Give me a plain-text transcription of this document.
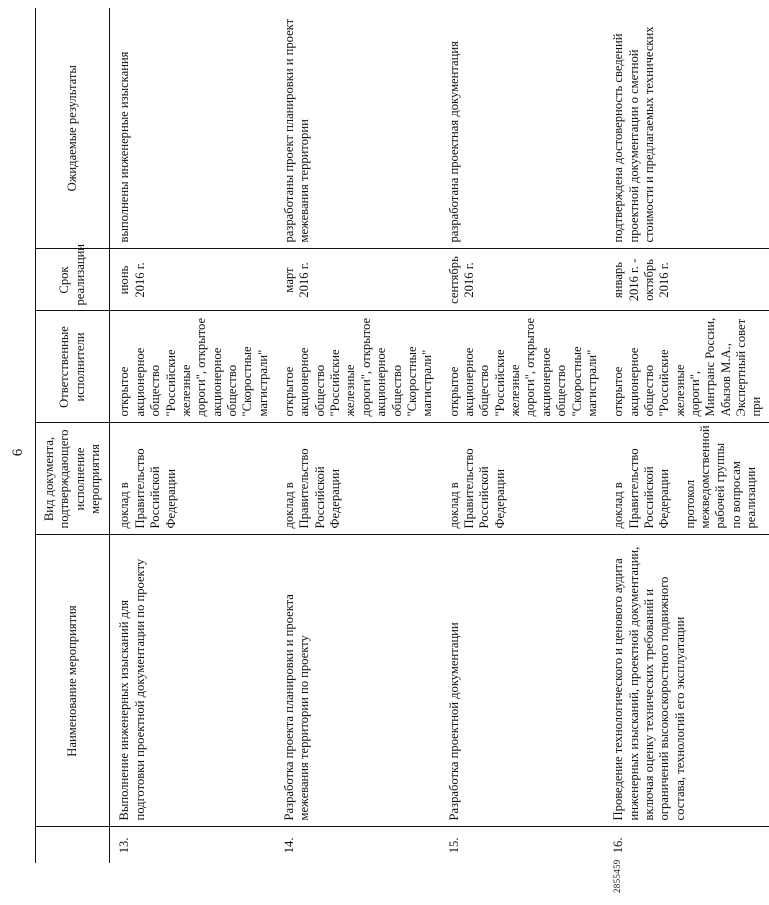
6
	Наименование мероприятия	Вид документа, подтверждающего исполнение мероприятия	Ответственные исполнители	Срок реализации	Ожидаемые результаты
13.	Выполнение инженерных изысканий для подготовки проектной документации по проекту	доклад в Правительство Российской Федерации	открытое акционерное общество "Российские железные дороги", открытое акционерное общество "Скоростные магистрали"	июнь 2016 г.	выполнены инженерные изыскания
14.	Разработка проекта планировки и проекта межевания территории по проекту	доклад в Правительство Российской Федерации	открытое акционерное общество "Российские железные дороги", открытое акционерное общество "Скоростные магистрали"	март 2016 г.	разработаны проект планировки и проект межевания территории
15.	Разработка проектной документации	доклад в Правительство Российской Федерации	открытое акционерное общество "Российские железные дороги", открытое акционерное общество "Скоростные магистрали"	сентябрь 2016 г.	разработана проектная документация
16.	Проведение технологического и ценового аудита инженерных изысканий, проектной документации, включая оценку технических требований и ограничений высокоскоростного подвижного состава, технологий его эксплуатации	доклад в Правительство Российской Федерации протокол межведомственной рабочей группы по вопросам реализации	открытое акционерное общество "Российские железные дороги", Минтранс России, Абызов М.А., Экспертный совет при	январь 2016 г. - октябрь 2016 г.	подтверждена достоверность сведений проектной документации о сметной стоимости и предлагаемых технических
2855459
